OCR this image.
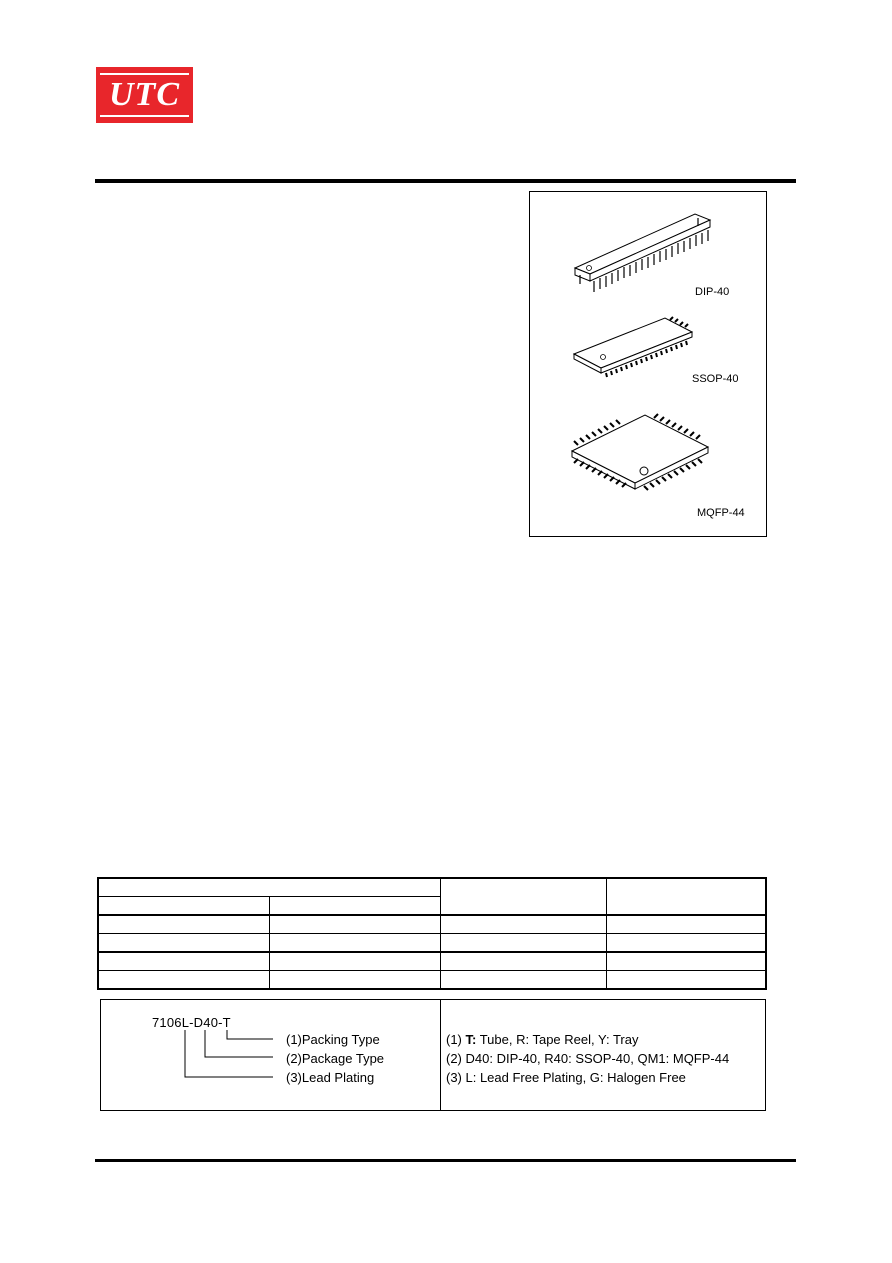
UTC
DIP-40
SSOP-40
MQFP-44

7106L-D40-T
(1)Packing Type
(2)Package Type
(3)Lead Plating
(1) T: Tube, R: Tape Reel, Y: Tray
(2) D40: DIP-40, R40: SSOP-40, QM1: MQFP-44
(3) L: Lead Free Plating, G: Halogen Free
